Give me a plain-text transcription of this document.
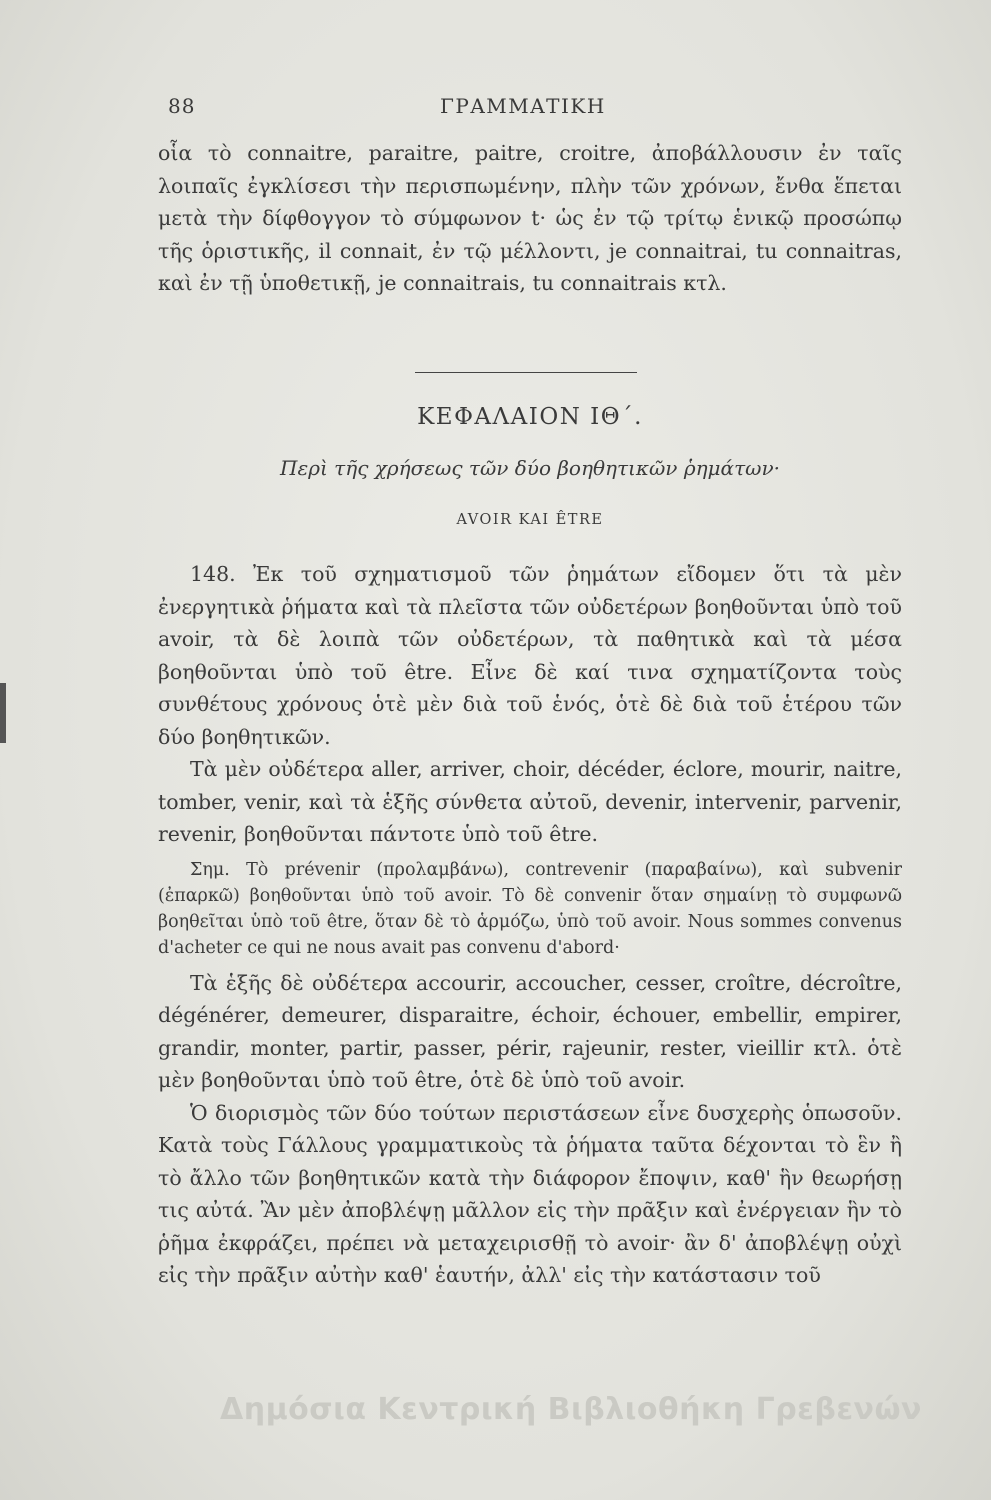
88	ΓΡΑΜΜΑΤΙΚΗ

οἷα τὸ connaitre, paraitre, paitre, croitre, ἀποβάλλουσιν ἐν ταῖς λοιπαῖς ἐγκλίσεσι τὴν περισπωμένην, πλὴν τῶν χρόνων, ἔνθα ἕπεται μετὰ τὴν δίφθογγον τὸ σύμφωνον t· ὡς ἐν τῷ τρίτῳ ἑνικῷ προσώπῳ τῆς ὁριστικῆς, il connait, ἐν τῷ μέλλοντι, je connaitrai, tu connaitras, καὶ ἐν τῇ ὑποθετικῇ, je connaitrais, tu connaitrais κτλ.

ΚΕΦΑΛΑΙΟΝ ΙΘ΄.
Περὶ τῆς χρήσεως τῶν δύο βοηθητικῶν ῥημάτων·
AVOIR KAI ÊTRE

148. Ἐκ τοῦ σχηματισμοῦ τῶν ῥημάτων εἴδομεν ὅτι τὰ μὲν ἐνεργητικὰ ῥήματα καὶ τὰ πλεῖστα τῶν οὐδετέρων βοηθοῦνται ὑπὸ τοῦ avoir, τὰ δὲ λοιπὰ τῶν οὐδετέρων, τὰ παθητικὰ καὶ τὰ μέσα βοηθοῦνται ὑπὸ τοῦ être. Εἶνε δὲ καί τινα σχηματίζοντα τοὺς συνθέτους χρόνους ὁτὲ μὲν διὰ τοῦ ἑνός, ὁτὲ δὲ διὰ τοῦ ἑτέρου τῶν δύο βοηθητικῶν.

Τὰ μὲν οὐδέτερα aller, arriver, choir, décéder, éclore, mourir, naitre, tomber, venir, καὶ τὰ ἑξῆς σύνθετα αὐτοῦ, devenir, intervenir, parvenir, revenir, βοηθοῦνται πάντοτε ὑπὸ τοῦ être.

Σημ. Τὸ prévenir (προλαμβάνω), contrevenir (παραβαίνω), καὶ subvenir (ἐπαρκῶ) βοηθοῦνται ὑπὸ τοῦ avoir. Τὸ δὲ convenir ὅταν σημαίνῃ τὸ συμφωνῶ βοηθεῖται ὑπὸ τοῦ être, ὅταν δὲ τὸ ἁρμόζω, ὑπὸ τοῦ avoir. Nous sommes convenus d'acheter ce qui ne nous avait pas convenu d'abord·

Τὰ ἑξῆς δὲ οὐδέτερα accourir, accoucher, cesser, croître, décroître, dégénérer, demeurer, disparaitre, échoir, échouer, embellir, empirer, grandir, monter, partir, passer, périr, rajeunir, rester, vieillir κτλ. ὁτὲ μὲν βοηθοῦνται ὑπὸ τοῦ être, ὁτὲ δὲ ὑπὸ τοῦ avoir.

Ὁ διορισμὸς τῶν δύο τούτων περιστάσεων εἶνε δυσχερὴς ὁπωσοῦν. Κατὰ τοὺς Γάλλους γραμματικοὺς τὰ ῥήματα ταῦτα δέχονται τὸ ἓν ἢ τὸ ἄλλο τῶν βοηθητικῶν κατὰ τὴν διάφορον ἔποψιν, καθ' ἣν θεωρήσῃ τις αὐτά. Ἂν μὲν ἀποβλέψῃ μᾶλλον εἰς τὴν πρᾶξιν καὶ ἐνέργειαν ἣν τὸ ῥῆμα ἐκφράζει, πρέπει νὰ μεταχειρισθῇ τὸ avoir· ἂν δ' ἀποβλέψῃ οὐχὶ εἰς τὴν πρᾶξιν αὐτὴν καθ' ἑαυτήν, ἀλλ' εἰς τὴν κατάστασιν τοῦ

Δημόσια Κεντρική Βιβλιοθήκη Γρεβενών
